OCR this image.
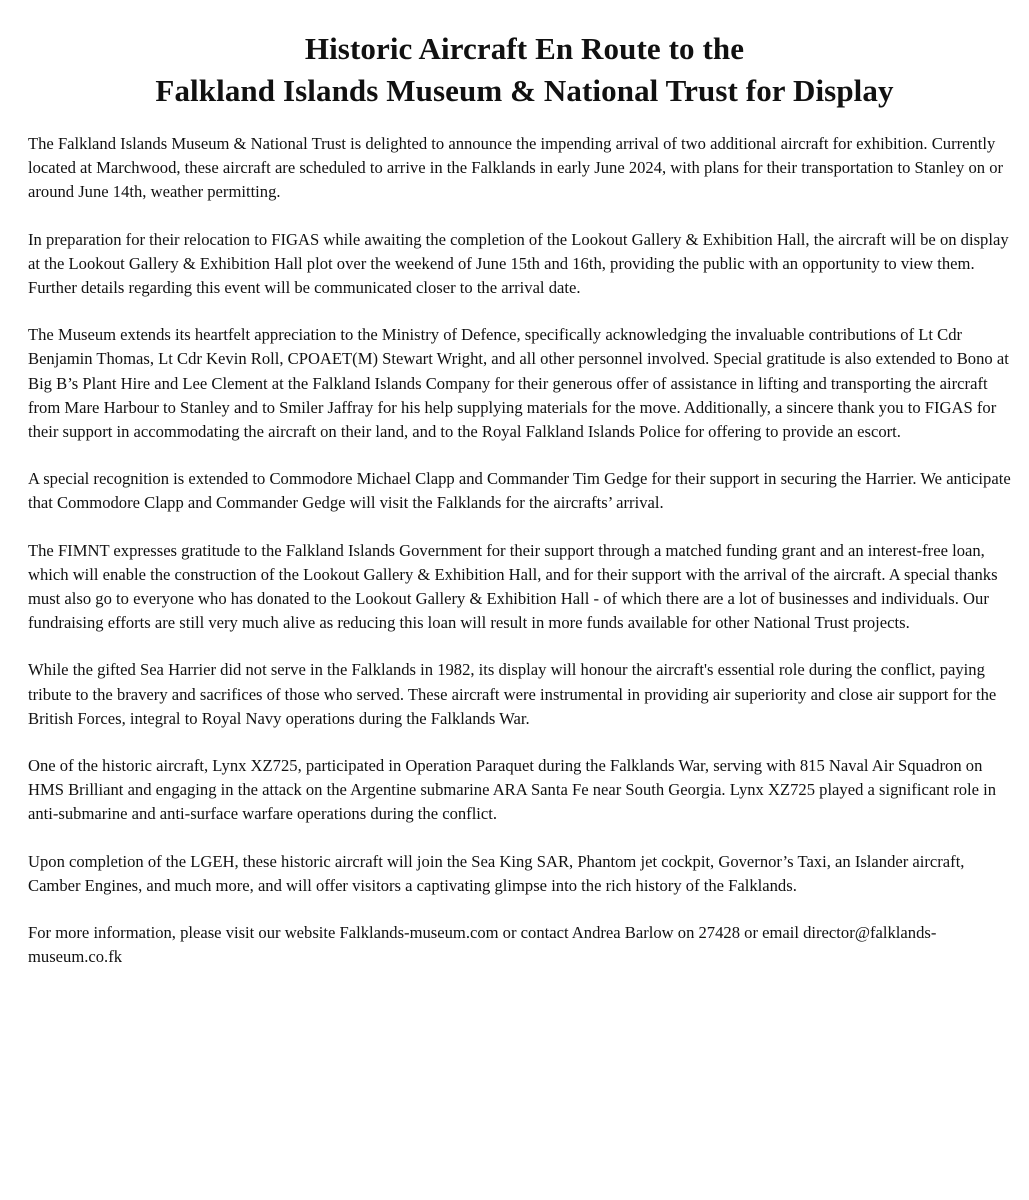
Historic Aircraft En Route to the
Falkland Islands Museum & National Trust for Display

The Falkland Islands Museum & National Trust is delighted to announce the impending arrival of two additional aircraft for exhibition. Currently located at Marchwood, these aircraft are scheduled to arrive in the Falklands in early June 2024, with plans for their transportation to Stanley on or around June 14th, weather permitting.

In preparation for their relocation to FIGAS while awaiting the completion of the Lookout Gallery & Exhibition Hall, the aircraft will be on display at the Lookout Gallery & Exhibition Hall plot over the weekend of June 15th and 16th, providing the public with an opportunity to view them. Further details regarding this event will be communicated closer to the arrival date.

The Museum extends its heartfelt appreciation to the Ministry of Defence, specifically acknowledging the invaluable contributions of Lt Cdr Benjamin Thomas, Lt Cdr Kevin Roll, CPOAET(M) Stewart Wright, and all other personnel involved. Special gratitude is also extended to Bono at Big B’s Plant Hire and Lee Clement at the Falkland Islands Company for their generous offer of assistance in lifting and transporting the aircraft from Mare Harbour to Stanley and to Smiler Jaffray for his help supplying materials for the move. Additionally, a sincere thank you to FIGAS for their support in accommodating the aircraft on their land, and to the Royal Falkland Islands Police for offering to provide an escort.

A special recognition is extended to Commodore Michael Clapp and Commander Tim Gedge for their support in securing the Harrier. We anticipate that Commodore Clapp and Commander Gedge will visit the Falklands for the aircrafts’ arrival.

The FIMNT expresses gratitude to the Falkland Islands Government for their support through a matched funding grant and an interest-free loan, which will enable the construction of the Lookout Gallery & Exhibition Hall, and for their support with the arrival of the aircraft. A special thanks must also go to everyone who has donated to the Lookout Gallery & Exhibition Hall - of which there are a lot of businesses and individuals. Our fundraising efforts are still very much alive as reducing this loan will result in more funds available for other National Trust projects.

While the gifted Sea Harrier did not serve in the Falklands in 1982, its display will honour the aircraft's essential role during the conflict, paying tribute to the bravery and sacrifices of those who served. These aircraft were instrumental in providing air superiority and close air support for the British Forces, integral to Royal Navy operations during the Falklands War.

One of the historic aircraft, Lynx XZ725, participated in Operation Paraquet during the Falklands War, serving with 815 Naval Air Squadron on HMS Brilliant and engaging in the attack on the Argentine submarine ARA Santa Fe near South Georgia. Lynx XZ725 played a significant role in anti-submarine and anti-surface warfare operations during the conflict.

Upon completion of the LGEH, these historic aircraft will join the Sea King SAR, Phantom jet cockpit, Governor’s Taxi, an Islander aircraft, Camber Engines, and much more, and will offer visitors a captivating glimpse into the rich history of the Falklands.

For more information, please visit our website Falklands-museum.com or contact Andrea Barlow on 27428 or email director@falklands-museum.co.fk
